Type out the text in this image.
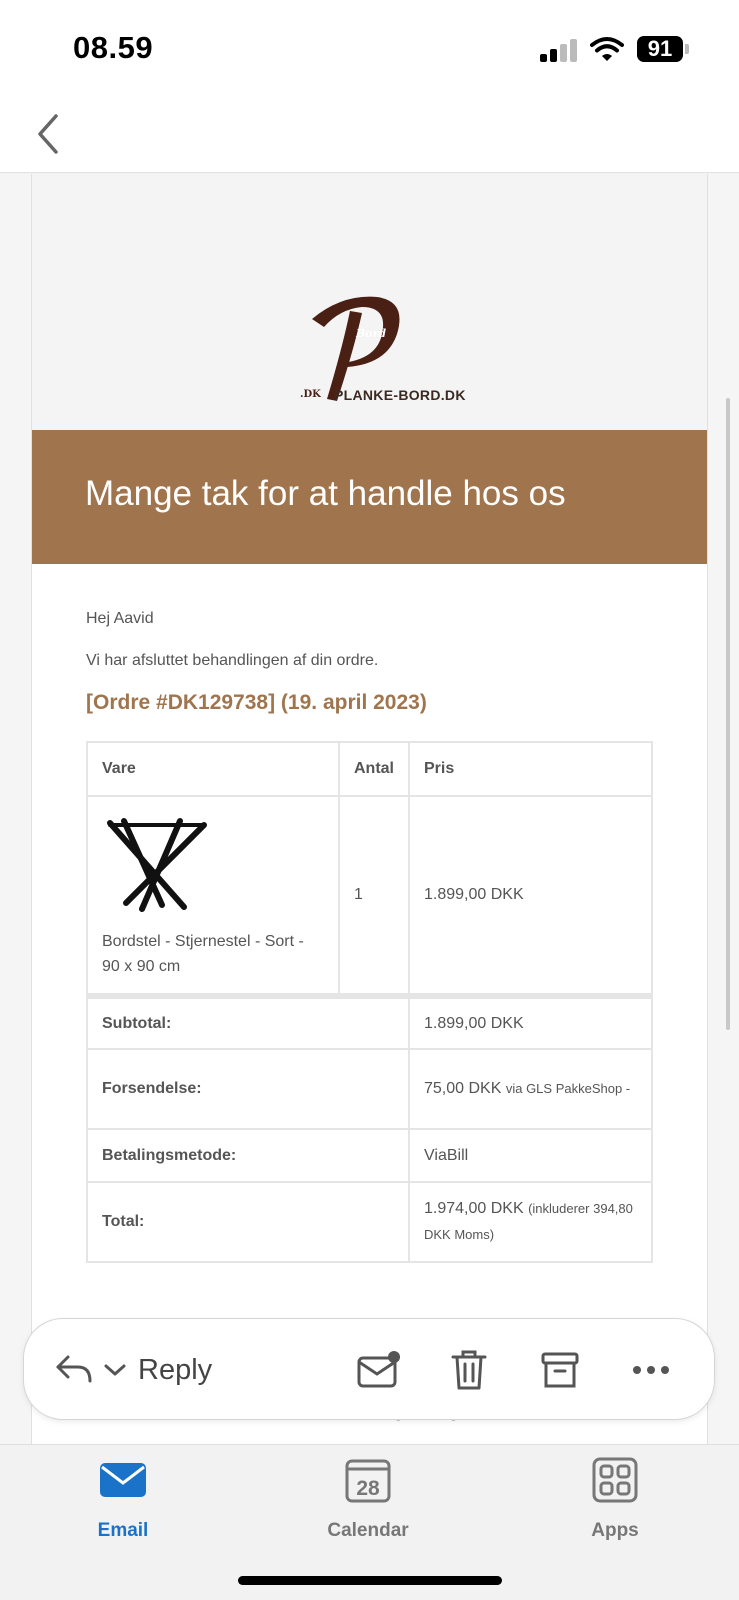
08.59	91
Bord
.DK PLANKE-BORD.DK
Mange tak for at handle hos os
Hej Aavid
Vi har afsluttet behandlingen af din ordre.
[Ordre #DK129738] (19. april 2023)
Vare	Antal	Pris

Bordstel - Stjernestel - Sort - 90 x 90 cm	1	1.899,00 DKK
Subtotal:		1.899,00 DKK
Forsendelse:		75,00 DKK via GLS PakkeShop -
Betalingsmetode:		ViaBill
Total:		1.974,00 DKK (inkluderer 394,80 DKK Moms)
Reply
Email
28
Calendar	Apps
